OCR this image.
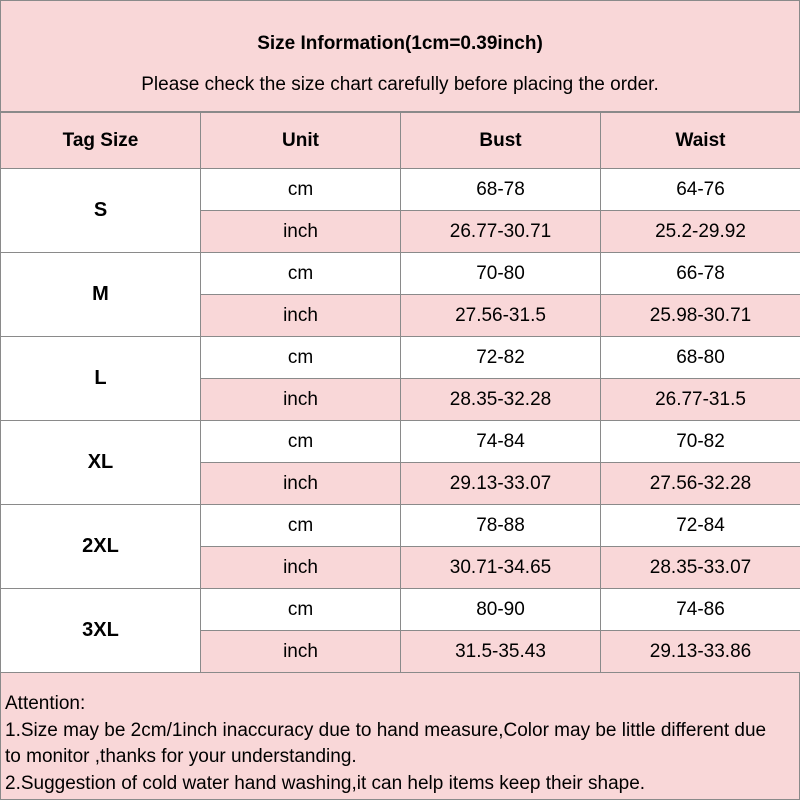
Size Information(1cm=0.39inch)
Please check the size chart carefully before placing the order.
Tag Size	Unit	Bust	Waist
S	cm	68-78	64-76
	inch	26.77-30.71	25.2-29.92
M	cm	70-80	66-78
	inch	27.56-31.5	25.98-30.71
L	cm	72-82	68-80
	inch	28.35-32.28	26.77-31.5
XL	cm	74-84	70-82
	inch	29.13-33.07	27.56-32.28
2XL	cm	78-88	72-84
	inch	30.71-34.65	28.35-33.07
3XL	cm	80-90	74-86
	inch	31.5-35.43	29.13-33.86
Attention:
1.Size may be 2cm/1inch inaccuracy due to hand measure,Color may be little different due
to monitor ,thanks for your understanding.
2.Suggestion of cold water hand washing,it can help items keep their shape.
